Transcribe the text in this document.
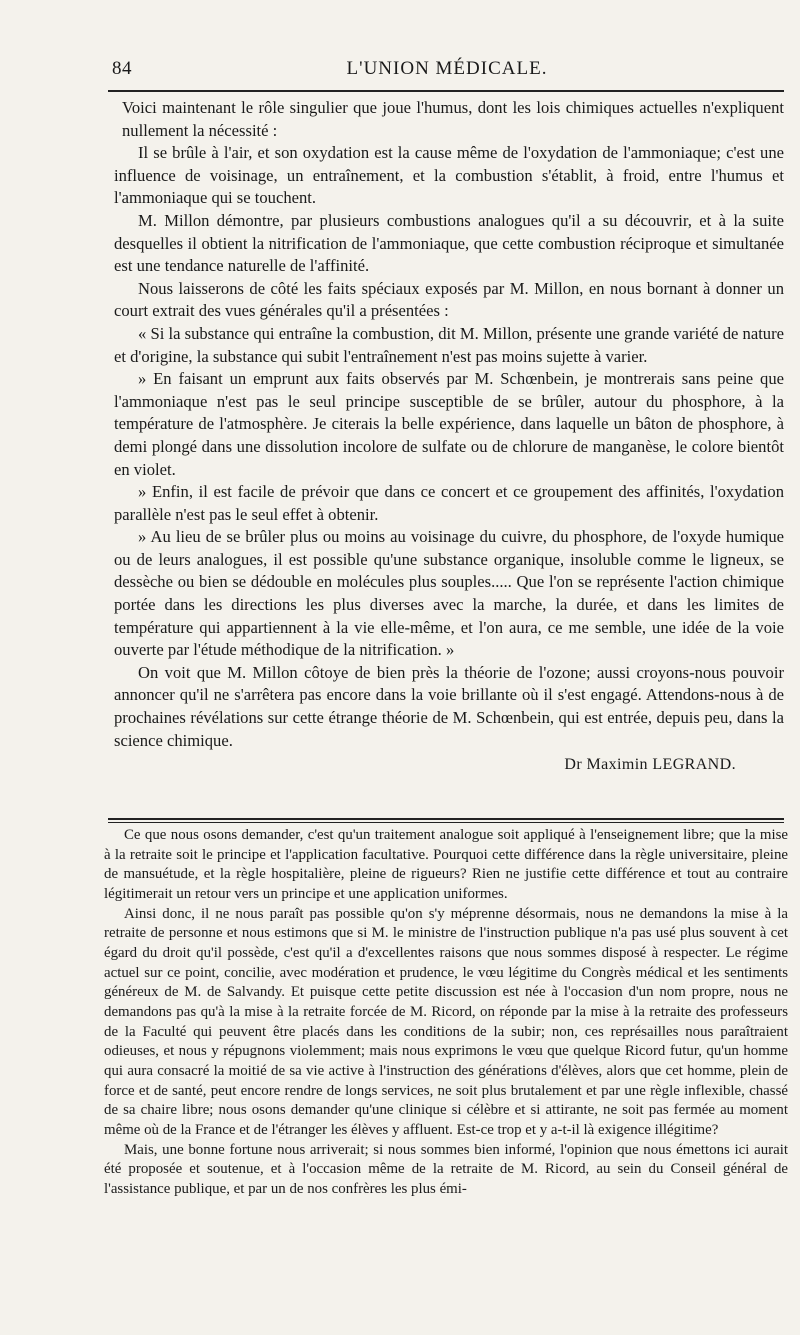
84	L'UNION MÉDICALE.

Voici maintenant le rôle singulier que joue l'humus, dont les lois chimiques actuelles n'expliquent nullement la nécessité :

Il se brûle à l'air, et son oxydation est la cause même de l'oxydation de l'ammoniaque; c'est une influence de voisinage, un entraînement, et la combustion s'établit, à froid, entre l'humus et l'ammoniaque qui se touchent.

M. Millon démontre, par plusieurs combustions analogues qu'il a su découvrir, et à la suite desquelles il obtient la nitrification de l'ammoniaque, que cette combustion réciproque et simultanée est une tendance naturelle de l'affinité.

Nous laisserons de côté les faits spéciaux exposés par M. Millon, en nous bornant à donner un court extrait des vues générales qu'il a présentées :

« Si la substance qui entraîne la combustion, dit M. Millon, présente une grande variété de nature et d'origine, la substance qui subit l'entraînement n'est pas moins sujette à varier.

» En faisant un emprunt aux faits observés par M. Schœnbein, je montrerais sans peine que l'ammoniaque n'est pas le seul principe susceptible de se brûler, autour du phosphore, à la température de l'atmosphère. Je citerais la belle expérience, dans laquelle un bâton de phosphore, à demi plongé dans une dissolution incolore de sulfate ou de chlorure de manganèse, le colore bientôt en violet.

» Enfin, il est facile de prévoir que dans ce concert et ce groupement des affinités, l'oxydation parallèle n'est pas le seul effet à obtenir.

» Au lieu de se brûler plus ou moins au voisinage du cuivre, du phosphore, de l'oxyde humique ou de leurs analogues, il est possible qu'une substance organique, insoluble comme le ligneux, se dessèche ou bien se dédouble en molécules plus souples..... Que l'on se représente l'action chimique portée dans les directions les plus diverses avec la marche, la durée, et dans les limites de température qui appartiennent à la vie elle-même, et l'on aura, ce me semble, une idée de la voie ouverte par l'étude méthodique de la nitrification. »

On voit que M. Millon côtoye de bien près la théorie de l'ozone; aussi croyons-nous pouvoir annoncer qu'il ne s'arrêtera pas encore dans la voie brillante où il s'est engagé. Attendons-nous à de prochaines révélations sur cette étrange théorie de M. Schœnbein, qui est entrée, depuis peu, dans la science chimique.

Dr Maximin LEGRAND.

Ce que nous osons demander, c'est qu'un traitement analogue soit appliqué à l'enseignement libre; que la mise à la retraite soit le principe et l'application facultative. Pourquoi cette différence dans la règle universitaire, pleine de mansuétude, et la règle hospitalière, pleine de rigueurs? Rien ne justifie cette différence et tout au contraire légitimerait un retour vers un principe et une application uniformes.

Ainsi donc, il ne nous paraît pas possible qu'on s'y méprenne désormais, nous ne demandons la mise à la retraite de personne et nous estimons que si M. le ministre de l'instruction publique n'a pas usé plus souvent à cet égard du droit qu'il possède, c'est qu'il a d'excellentes raisons que nous sommes disposé à respecter. Le régime actuel sur ce point, concilie, avec modération et prudence, le vœu légitime du Congrès médical et les sentiments généreux de M. de Salvandy. Et puisque cette petite discussion est née à l'occasion d'un nom propre, nous ne demandons pas qu'à la mise à la retraite forcée de M. Ricord, on réponde par la mise à la retraite des professeurs de la Faculté qui peuvent être placés dans les conditions de la subir; non, ces représailles nous paraîtraient odieuses, et nous y répugnons violemment; mais nous exprimons le vœu que quelque Ricord futur, qu'un homme qui aura consacré la moitié de sa vie active à l'instruction des générations d'élèves, alors que cet homme, plein de force et de santé, peut encore rendre de longs services, ne soit plus brutalement et par une règle inflexible, chassé de sa chaire libre; nous osons demander qu'une clinique si célèbre et si attirante, ne soit pas fermée au moment même où de la France et de l'étranger les élèves y affluent. Est-ce trop et y a-t-il là exigence illégitime?

Mais, une bonne fortune nous arriverait; si nous sommes bien informé, l'opinion que nous émettons ici aurait été proposée et soutenue, et à l'occasion même de la retraite de M. Ricord, au sein du Conseil général de l'assistance publique, et par un de nos confrères les plus émi-
